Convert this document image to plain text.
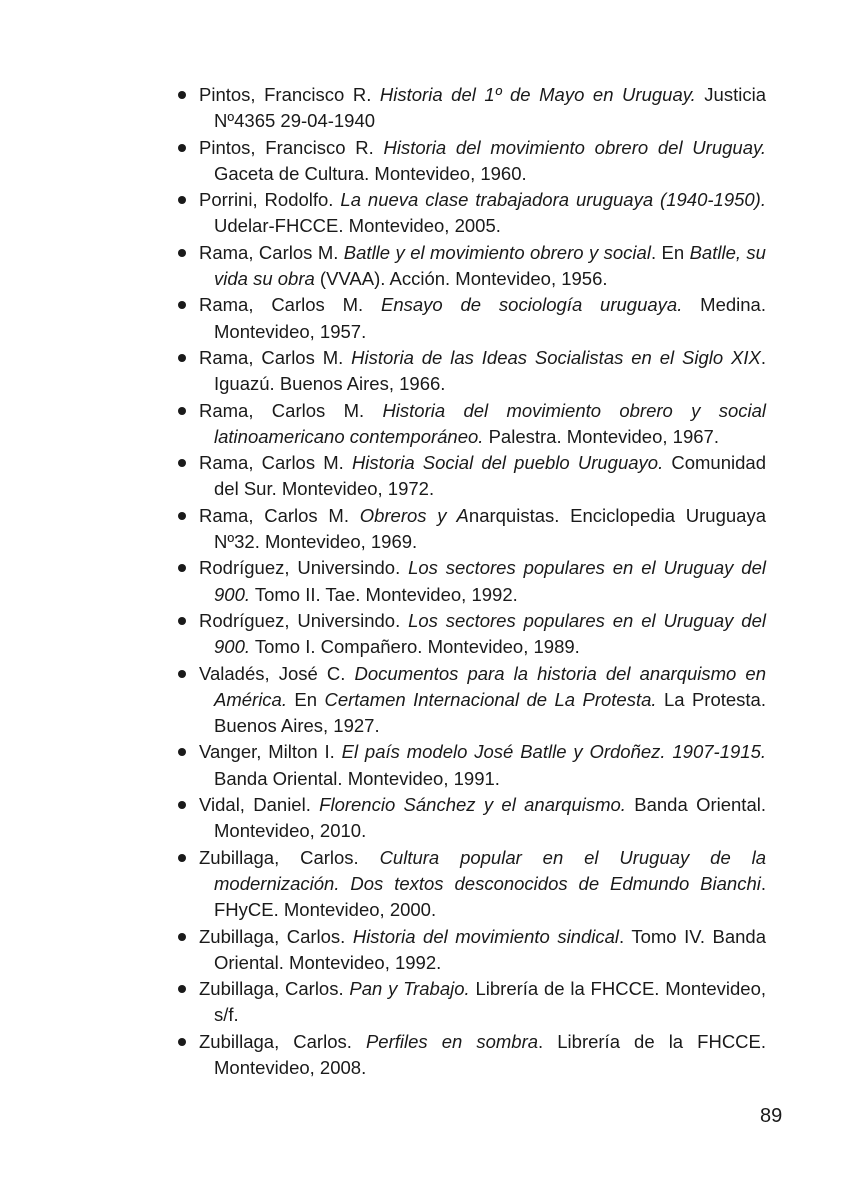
Pintos, Francisco R. Historia del 1º de Mayo en Uruguay. Justicia Nº4365 29-04-1940
Pintos, Francisco R. Historia del movimiento obrero del Uruguay. Gaceta de Cultura. Montevideo, 1960.
Porrini, Rodolfo. La nueva clase trabajadora uruguaya (1940-1950). Udelar-FHCCE. Montevideo, 2005.
Rama, Carlos M. Batlle y el movimiento obrero y social. En Batlle, su vida su obra (VVAA). Acción. Montevideo, 1956.
Rama, Carlos M. Ensayo de sociología uruguaya. Medina. Montevideo, 1957.
Rama, Carlos M. Historia de las Ideas Socialistas en el Siglo XIX. Iguazú. Buenos Aires, 1966.
Rama, Carlos M. Historia del movimiento obrero y social latinoamericano contemporáneo. Palestra. Montevideo, 1967.
Rama, Carlos M. Historia Social del pueblo Uruguayo. Comunidad del Sur. Montevideo, 1972.
Rama, Carlos M. Obreros y Anarquistas. Enciclopedia Uruguaya Nº32. Montevideo, 1969.
Rodríguez, Universindo. Los sectores populares en el Uruguay del 900. Tomo II. Tae. Montevideo, 1992.
Rodríguez, Universindo. Los sectores populares en el Uruguay del 900. Tomo I. Compañero. Montevideo, 1989.
Valadés, José C. Documentos para la historia del anarquismo en América. En Certamen Internacional de La Protesta. La Protesta. Buenos Aires, 1927.
Vanger, Milton I. El país modelo José Batlle y Ordoñez. 1907-1915. Banda Oriental. Montevideo, 1991.
Vidal, Daniel. Florencio Sánchez y el anarquismo. Banda Oriental. Montevideo, 2010.
Zubillaga, Carlos. Cultura popular en el Uruguay de la modernización. Dos textos desconocidos de Edmundo Bianchi. FHyCE. Montevideo, 2000.
Zubillaga, Carlos. Historia del movimiento sindical. Tomo IV. Banda Oriental. Montevideo, 1992.
Zubillaga, Carlos. Pan y Trabajo. Librería de la FHCCE. Montevideo, s/f.
Zubillaga, Carlos. Perfiles en sombra. Librería de la FHCCE. Montevideo, 2008.
89
